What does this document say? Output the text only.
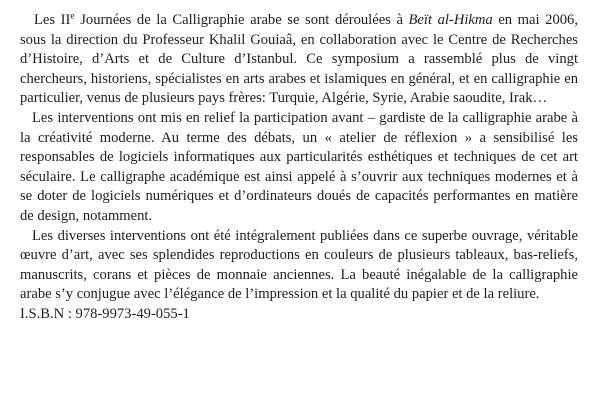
Les IIe Journées de la Calligraphie arabe se sont déroulées à Beït al-Hikma en mai 2006, sous la direction du Professeur Khalil Gouiaâ, en collaboration avec le Centre de Recherches d’Histoire, d’Arts et de Culture d’Istanbul. Ce symposium a rassemblé plus de vingt chercheurs, historiens, spécialistes en arts arabes et islamiques en général, et en calligraphie en particulier, venus de plusieurs pays frères: Turquie, Algérie, Syrie, Arabie saoudite, Irak…

Les interventions ont mis en relief la participation avant – gardiste de la calligraphie arabe à la créativité moderne. Au terme des débats, un « atelier de réflexion » a sensibilisé les responsables de logiciels informatiques aux particularités esthétiques et techniques de cet art séculaire. Le calligraphe académique est ainsi appelé à s’ouvrir aux techniques modernes et à se doter de logiciels numériques et d’ordinateurs doués de capacités performantes en matière de design, notamment.

Les diverses interventions ont été intégralement publiées dans ce superbe ouvrage, véritable œuvre d’art, avec ses splendides reproductions en couleurs de plusieurs tableaux, bas-reliefs, manuscrits, corans et pièces de monnaie anciennes. La beauté inégalable de la calligraphie arabe s’y conjugue avec l’élégance de l’impression et la qualité du papier et de la reliure.

I.S.B.N : 978-9973-49-055-1
